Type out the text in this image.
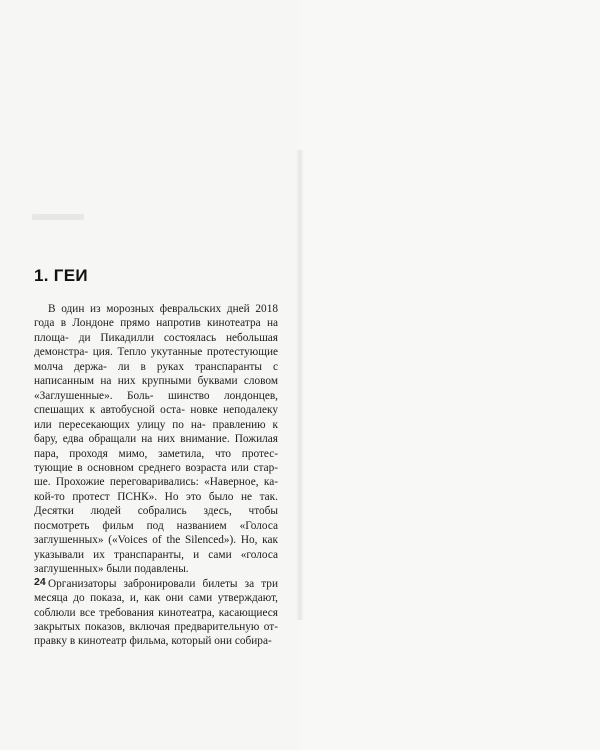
1. ГЕИ

В один из морозных февральских дней 2018 года в Лондоне прямо напротив кинотеатра на площа- ди Пикадилли состоялась небольшая демонстра- ция. Тепло укутанные протестующие молча держа- ли в руках транспаранты с написанным на них крупными буквами словом «Заглушенные». Боль- шинство лондонцев, спешащих к автобусной оста- новке неподалеку или пересекающих улицу по на- правлению к бару, едва обращали на них внимание. Пожилая пара, проходя мимо, заметила, что протес- тующие в основном среднего возраста или стар- ше. Прохожие переговаривались: «Наверное, ка- кой-то протест ПСНК». Но это было не так. Десятки людей собрались здесь, чтобы посмотреть фильм под названием «Голоса заглушенных» («Voices of the Silenced»). Но, как указывали их транспаранты, и сами «голоса заглушенных» были подавлены.

Организаторы забронировали билеты за три месяца до показа, и, как они сами утверждают, соблюли все требования кинотеатра, касающиеся закрытых показов, включая предварительную от- правку в кинотеатр фильма, который они собира-

24
